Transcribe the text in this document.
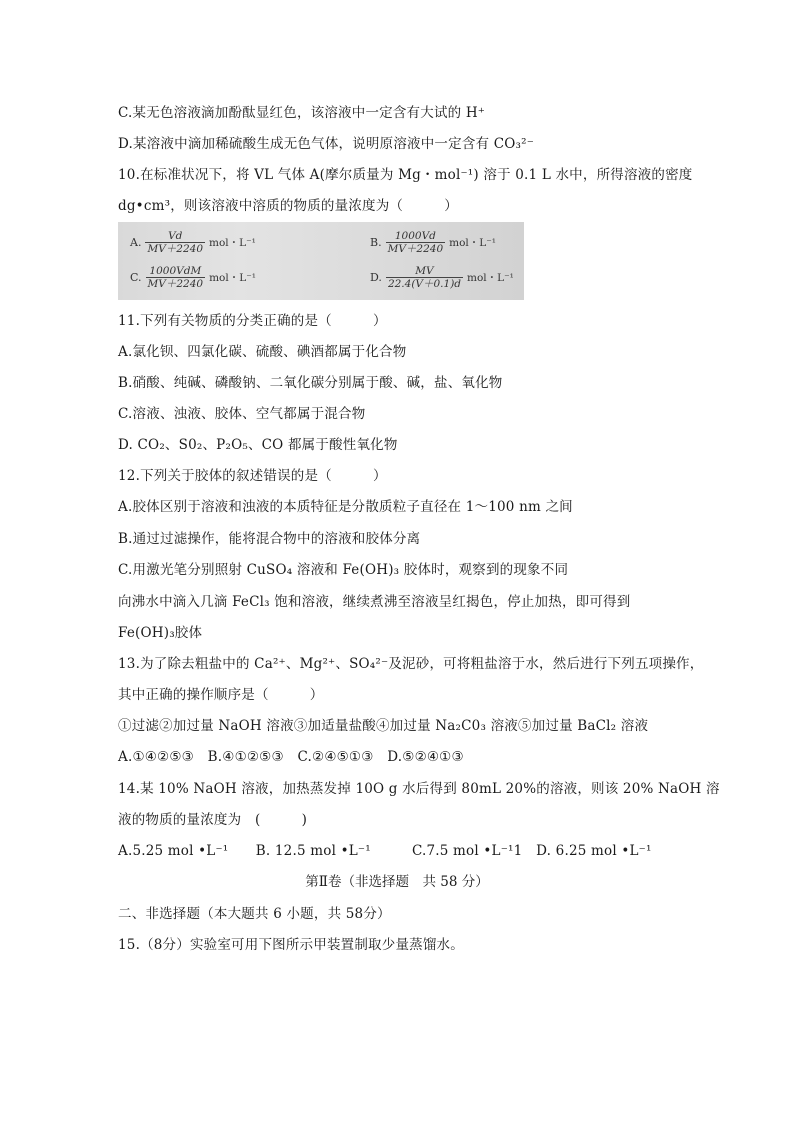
C.某无色溶液滴加酚酞显红色，该溶液中一定含有大试的 H⁺
D.某溶液中滴加稀硫酸生成无色气体，说明原溶液中一定含有 CO₃²⁻
10.在标准状况下，将 VL 气体 A(摩尔质量为 Mg・mol⁻¹) 溶于 0.1 L 水中，所得溶液的密度
dg•cm³，则该溶液中溶质的物质的量浓度为（　　　）
A. $\frac{Vd}{MV+2240}$ mol・L⁻¹	B. $\frac{1000Vd}{MV+2240}$ mol・L⁻¹
C. $\frac{\text{1000VdM}}{MV+2240}$ mol・L⁻¹	D. $\frac{MV}{22.4(V+0.1)d}$ mol・L⁻¹
11.下列有关物质的分类正确的是（　　　）
A.氯化钡、四氯化碳、硫酸、碘酒都属于化合物
B.硝酸、纯碱、磷酸钠、二氧化碳分别属于酸、碱，盐、氧化物
C.溶液、浊液、胶体、空气都属于混合物
D. CO₂、S0₂、P₂O₅、CO 都属于酸性氧化物
12.下列关于胶体的叙述错误的是（　　　）
A.胶体区别于溶液和浊液的本质特征是分散质粒子直径在 1～100 nm 之间
B.通过过滤操作，能将混合物中的溶液和胶体分离
C.用激光笔分别照射 CuSO₄ 溶液和 Fe(OH)₃ 胶体时，观察到的现象不同
向沸水中滴入几滴 FeCl₃ 饱和溶液，继续煮沸至溶液呈红揭色，停止加热，即可得到
Fe(OH)₃胶体
13.为了除去粗盐中的 Ca²⁺、Mg²⁺、SO₄²⁻及泥砂，可将粗盐溶于水，然后进行下列五项操作，
其中正确的操作顺序是（　　　）
①过滤②加过量 NaOH 溶液③加适量盐酸④加过量 Na₂C0₃ 溶液⑤加过量 BaCl₂ 溶液
A.①④②⑤③　B.④①②⑤③　C.②④⑤①③　D.⑤②④①③
14.某 10% NaOH 溶液，加热蒸发掉 10O g 水后得到 80mL 20%的溶液，则该 20% NaOH 溶
液的物质的量浓度为　(　　　)
A.5.25 mol •L⁻¹　　B. 12.5 mol •L⁻¹　　　C.7.5 mol •L⁻¹1　D. 6.25 mol •L⁻¹
第Ⅱ卷（非选择题　共 58 分）
二、非选择题（本大题共 6 小题，共 58分）
15.（8分）实验室可用下图所示甲装置制取少量蒸馏水。
